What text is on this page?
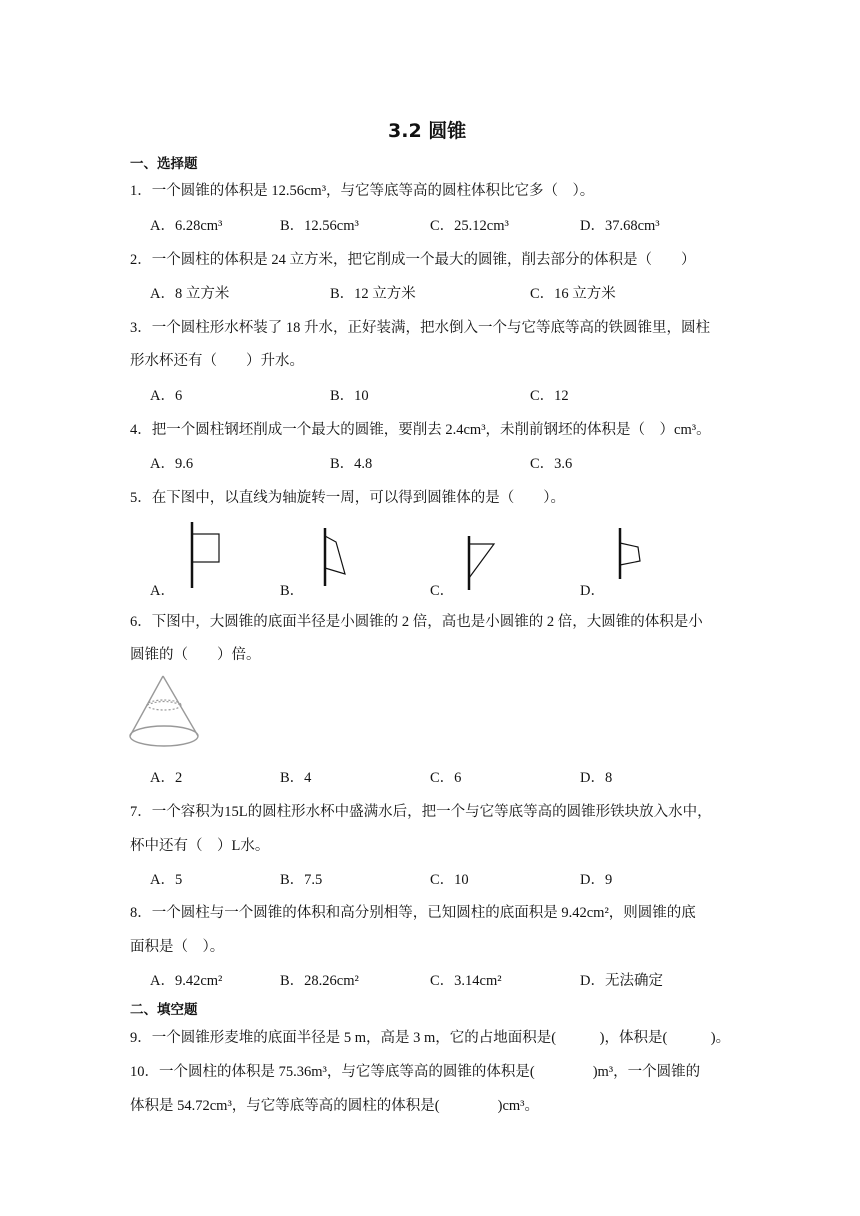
3.2 圆锥
一、选择题
1．一个圆锥的体积是 12.56cm³，与它等底等高的圆柱体积比它多（　）。
A．6.28cm³	B．12.56cm³	C．25.12cm³	D．37.68cm³
2．一个圆柱的体积是 24 立方米，把它削成一个最大的圆锥，削去部分的体积是（　　）
A．8 立方米	B．12 立方米	C．16 立方米
3．一个圆柱形水杯装了 18 升水，正好装满，把水倒入一个与它等底等高的铁圆锥里，圆柱
形水杯还有（　　）升水。
A．6	B．10	C．12
4．把一个圆柱钢坯削成一个最大的圆锥，要削去 2.4cm³，未削前钢坯的体积是（　）cm³。
A．9.6	B．4.8	C．3.6
5．在下图中，以直线为轴旋转一周，可以得到圆锥体的是（　　）。
A．	B．	C．	D．
6．下图中，大圆锥的底面半径是小圆锥的 2 倍，高也是小圆锥的 2 倍，大圆锥的体积是小
圆锥的（　　）倍。
A．2	B．4	C．6	D．8
7．一个容积为15L的圆柱形水杯中盛满水后，把一个与它等底等高的圆锥形铁块放入水中，
杯中还有（　）L水。
A．5	B．7.5	C．10	D．9
8．一个圆柱与一个圆锥的体积和高分别相等，已知圆柱的底面积是 9.42cm²，则圆锥的底
面积是（　）。
A．9.42cm²	B．28.26cm²	C．3.14cm²	D．无法确定
二、填空题
9．一个圆锥形麦堆的底面半径是 5 m，高是 3 m，它的占地面积是(　　　)，体积是(　　　)。
10．一个圆柱的体积是 75.36m³，与它等底等高的圆锥的体积是(　　　　)m³，一个圆锥的
体积是 54.72cm³，与它等底等高的圆柱的体积是(　　　　)cm³。
